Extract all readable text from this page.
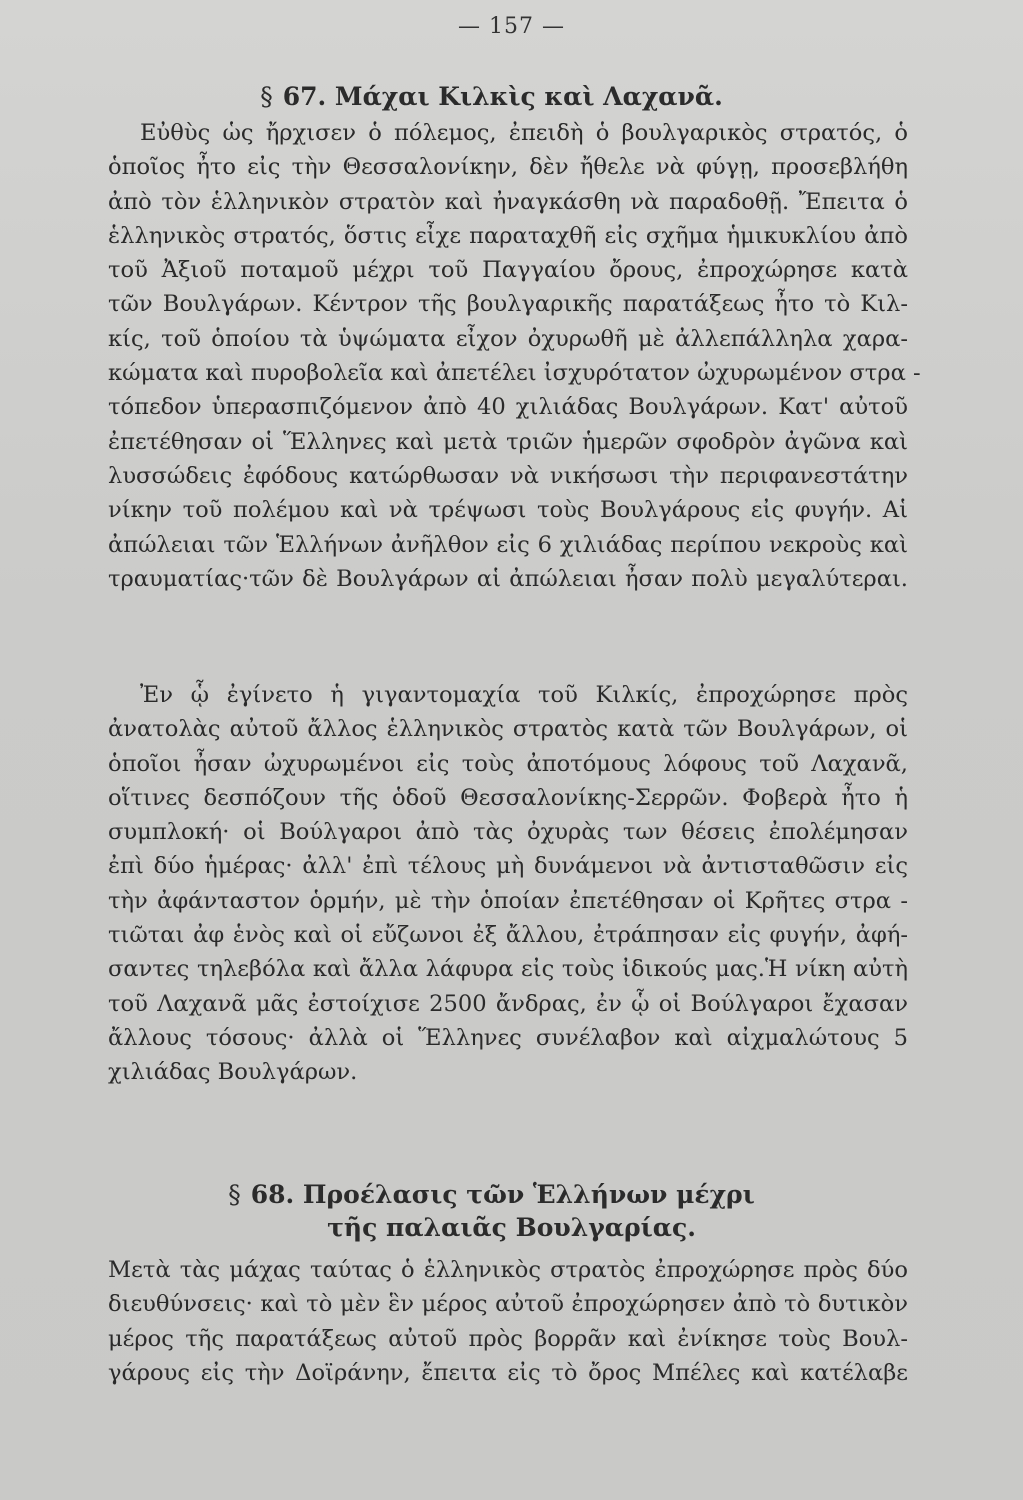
— 157 —
§ 67. Μάχαι Κιλκὶς καὶ Λαχανᾶ.
Εὐθὺς ὡς ἤρχισεν ὁ πόλεμος, ἐπειδὴ ὁ βουλγαρικὸς στρατός, ὁ
ὁποῖος ἦτο εἰς τὴν Θεσσαλονίκην, δὲν ἤθελε νὰ φύγῃ, προσεβλήθη
ἀπὸ τὸν ἑλληνικὸν στρατὸν καὶ ἠναγκάσθη νὰ παραδοθῇ. Ἔπειτα ὁ
ἑλληνικὸς στρατός, ὅστις εἶχε παραταχθῆ εἰς σχῆμα ἡμικυκλίου ἀπὸ
τοῦ Ἀξιοῦ ποταμοῦ μέχρι τοῦ Παγγαίου ὄρους, ἐπροχώρησε κατὰ
τῶν Βουλγάρων. Κέντρον τῆς βουλγαρικῆς παρατάξεως ἦτο τὸ Κιλ-
κίς, τοῦ ὁποίου τὰ ὑψώματα εἶχον ὀχυρωθῆ μὲ ἀλλεπάλληλα χαρα-
κώματα καὶ πυροβολεῖα καὶ ἀπετέλει ἰσχυρότατον ὠχυρωμένον στρα -
τόπεδον ὑπερασπιζόμενον ἀπὸ 40 χιλιάδας Βουλγάρων. Κατ' αὐτοῦ
ἐπετέθησαν οἱ Ἕλληνες καὶ μετὰ τριῶν ἡμερῶν σφοδρὸν ἀγῶνα καὶ
λυσσώδεις ἐφόδους κατώρθωσαν νὰ νικήσωσι τὴν περιφανεστάτην
νίκην τοῦ πολέμου καὶ νὰ τρέψωσι τοὺς Βουλγάρους εἰς φυγήν. Αἱ
ἀπώλειαι τῶν Ἑλλήνων ἀνῆλθον εἰς 6 χιλιάδας περίπου νεκροὺς καὶ
τραυματίας·τῶν δὲ Βουλγάρων αἱ ἀπώλειαι ἦσαν πολὺ μεγαλύτεραι.
Ἐν ᾧ ἐγίνετο ἡ γιγαντομαχία τοῦ Κιλκίς, ἐπροχώρησε πρὸς
ἀνατολὰς αὐτοῦ ἄλλος ἑλληνικὸς στρατὸς κατὰ τῶν Βουλγάρων, οἱ
ὁποῖοι ἦσαν ὠχυρωμένοι εἰς τοὺς ἀποτόμους λόφους τοῦ Λαχανᾶ,
οἵτινες δεσπόζουν τῆς ὁδοῦ Θεσσαλονίκης-Σερρῶν. Φοβερὰ ἦτο ἡ
συμπλοκή· οἱ Βούλγαροι ἀπὸ τὰς ὀχυρὰς των θέσεις ἐπολέμησαν
ἐπὶ δύο ἡμέρας· ἀλλ' ἐπὶ τέλους μὴ δυνάμενοι νὰ ἀντισταθῶσιν εἰς
τὴν ἀφάνταστον ὁρμήν, μὲ τὴν ὁποίαν ἐπετέθησαν οἱ Κρῆτες στρα -
τιῶται ἀφ ἑνὸς καὶ οἱ εὔζωνοι ἐξ ἄλλου, ἐτράπησαν εἰς φυγήν, ἀφή-
σαντες τηλεβόλα καὶ ἄλλα λάφυρα εἰς τοὺς ἰδικούς μας.Ἡ νίκη αὐτὴ
τοῦ Λαχανᾶ μᾶς ἐστοίχισε 2500 ἄνδρας, ἐν ᾧ οἱ Βούλγαροι ἔχασαν
ἄλλους τόσους· ἀλλὰ οἱ Ἕλληνες συνέλαβον καὶ αἰχμαλώτους 5
χιλιάδας Βουλγάρων.
§ 68. Προέλασις τῶν Ἑλλήνων μέχρι
τῆς παλαιᾶς Βουλγαρίας.
Μετὰ τὰς μάχας ταύτας ὁ ἑλληνικὸς στρατὸς ἐπροχώρησε πρὸς δύο
διευθύνσεις· καὶ τὸ μὲν ἓν μέρος αὐτοῦ ἐπροχώρησεν ἀπὸ τὸ δυτικὸν
μέρος τῆς παρατάξεως αὐτοῦ πρὸς βορρᾶν καὶ ἐνίκησε τοὺς Βουλ-
γάρους εἰς τὴν Δοϊράνην, ἔπειτα εἰς τὸ ὄρος Μπέλες καὶ κατέλαβε
